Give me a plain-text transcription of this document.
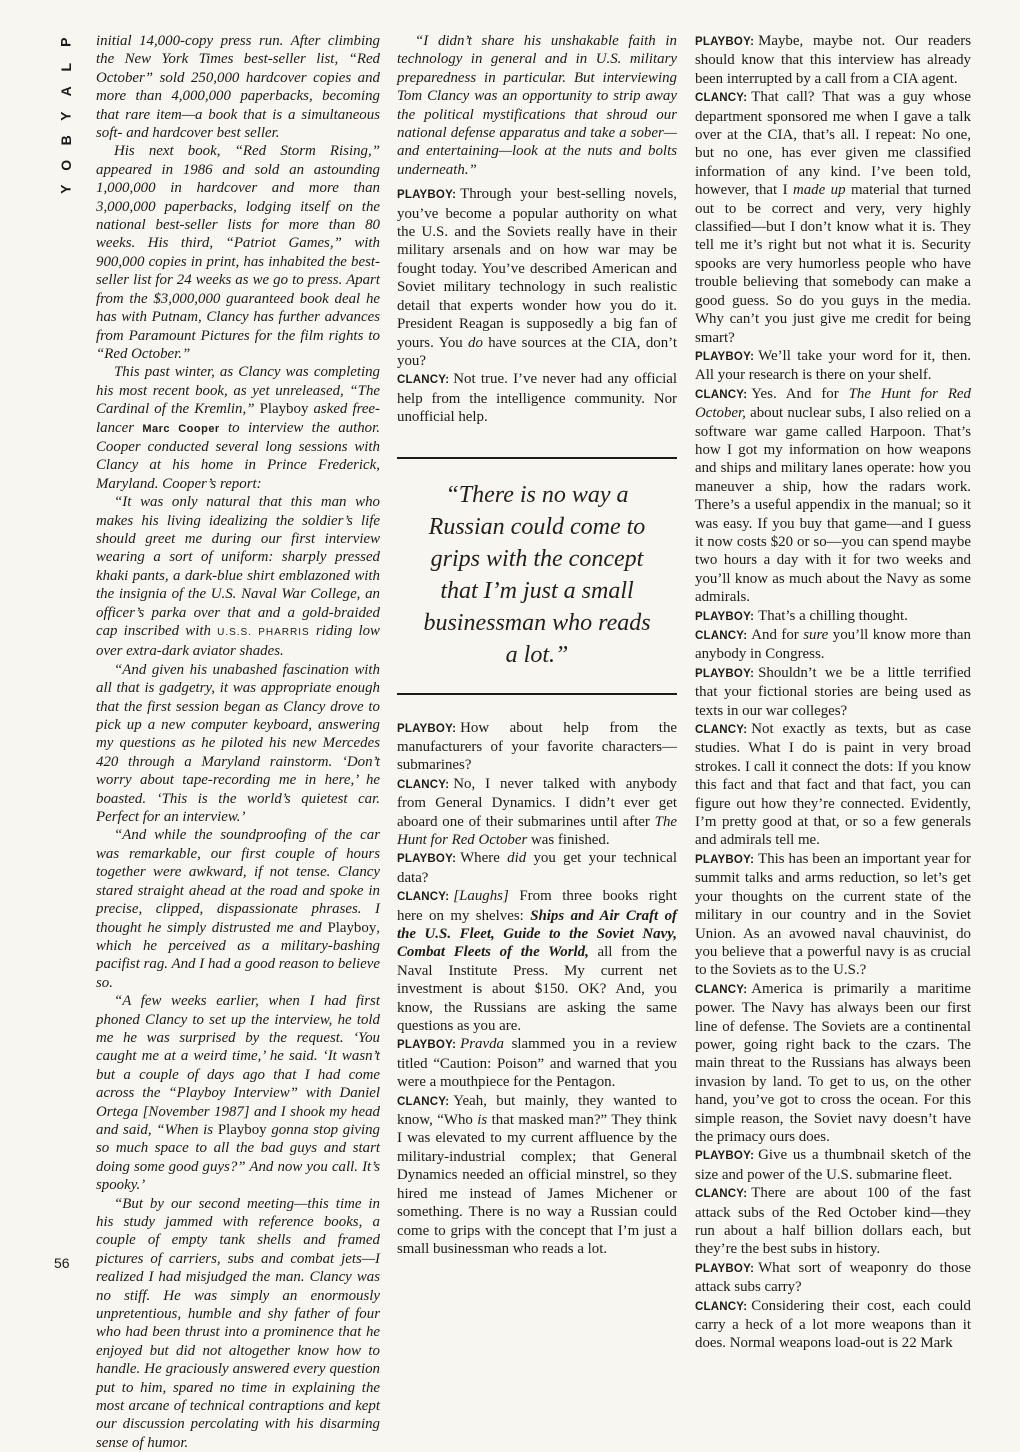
P
L
A
Y
B
O
Y
56

initial 14,000-copy press run. After climbing the New York Times best-seller list, “Red October” sold 250,000 hardcover copies and more than 4,000,000 paperbacks, becoming that rare item—a book that is a simultaneous soft- and hardcover best seller.

His next book, “Red Storm Rising,” appeared in 1986 and sold an astounding 1,000,000 in hardcover and more than 3,000,000 paperbacks, lodging itself on the national best-seller lists for more than 80 weeks. His third, “Patriot Games,” with 900,000 copies in print, has inhabited the best-seller list for 24 weeks as we go to press. Apart from the $3,000,000 guaranteed book deal he has with Putnam, Clancy has further advances from Paramount Pictures for the film rights to “Red October.”

This past winter, as Clancy was completing his most recent book, as yet unreleased, “The Cardinal of the Kremlin,” Playboy asked free-lancer Marc Cooper to interview the author. Cooper conducted several long sessions with Clancy at his home in Prince Frederick, Maryland. Cooper’s report:

“It was only natural that this man who makes his living idealizing the soldier’s life should greet me during our first interview wearing a sort of uniform: sharply pressed khaki pants, a dark-blue shirt emblazoned with the insignia of the U.S. Naval War College, an officer’s parka over that and a gold-braided cap inscribed with U.S.S. PHARRIS riding low over extra-dark aviator shades.

“And given his unabashed fascination with all that is gadgetry, it was appropriate enough that the first session began as Clancy drove to pick up a new computer keyboard, answering my questions as he piloted his new Mercedes 420 through a Maryland rainstorm. ‘Don’t worry about tape-recording me in here,’ he boasted. ‘This is the world’s quietest car. Perfect for an interview.’

“And while the soundproofing of the car was remarkable, our first couple of hours together were awkward, if not tense. Clancy stared straight ahead at the road and spoke in precise, clipped, dispassionate phrases. I thought he simply distrusted me and Playboy, which he perceived as a military-bashing pacifist rag. And I had a good reason to believe so.

“A few weeks earlier, when I had first phoned Clancy to set up the interview, he told me he was surprised by the request. ‘You caught me at a weird time,’ he said. ‘It wasn’t but a couple of days ago that I had come across the “Playboy Interview” with Daniel Ortega [November 1987] and I shook my head and said, “When is Playboy gonna stop giving so much space to all the bad guys and start doing some good guys?” And now you call. It’s spooky.’

“But by our second meeting—this time in his study jammed with reference books, a couple of empty tank shells and framed pictures of carriers, subs and combat jets—I realized I had misjudged the man. Clancy was no stiff. He was simply an enormously unpretentious, humble and shy father of four who had been thrust into a prominence that he enjoyed but did not altogether know how to handle. He graciously answered every question put to him, spared no time in explaining the most arcane of technical contraptions and kept our discussion percolating with his disarming sense of humor.

“I didn’t share his unshakable faith in technology in general and in U.S. military preparedness in particular. But interviewing Tom Clancy was an opportunity to strip away the political mystifications that shroud our national defense apparatus and take a sober—and entertaining—look at the nuts and bolts underneath.”

PLAYBOY: Through your best-selling novels, you’ve become a popular authority on what the U.S. and the Soviets really have in their military arsenals and on how war may be fought today. You’ve described American and Soviet military technology in such realistic detail that experts wonder how you do it. President Reagan is supposedly a big fan of yours. You do have sources at the CIA, don’t you?

CLANCY: Not true. I’ve never had any official help from the intelligence community. Nor unofficial help.

“There is no way a Russian could come to grips with the concept that I’m just a small businessman who reads a lot.”

PLAYBOY: How about help from the manufacturers of your favorite characters—submarines?

CLANCY: No, I never talked with anybody from General Dynamics. I didn’t ever get aboard one of their submarines until after The Hunt for Red October was finished.

PLAYBOY: Where did you get your technical data?

CLANCY: [Laughs] From three books right here on my shelves: Ships and Air Craft of the U.S. Fleet, Guide to the Soviet Navy, Combat Fleets of the World, all from the Naval Institute Press. My current net investment is about $150. OK? And, you know, the Russians are asking the same questions as you are.

PLAYBOY: Pravda slammed you in a review titled “Caution: Poison” and warned that you were a mouthpiece for the Pentagon.

CLANCY: Yeah, but mainly, they wanted to know, “Who is that masked man?” They think I was elevated to my current affluence by the military-industrial complex; that General Dynamics needed an official minstrel, so they hired me instead of James Michener or something. There is no way a Russian could come to grips with the concept that I’m just a small businessman who reads a lot.

PLAYBOY: Maybe, maybe not. Our readers should know that this interview has already been interrupted by a call from a CIA agent.

CLANCY: That call? That was a guy whose department sponsored me when I gave a talk over at the CIA, that’s all. I repeat: No one, but no one, has ever given me classified information of any kind. I’ve been told, however, that I made up material that turned out to be correct and very, very highly classified—but I don’t know what it is. They tell me it’s right but not what it is. Security spooks are very humorless people who have trouble believing that somebody can make a good guess. So do you guys in the media. Why can’t you just give me credit for being smart?

PLAYBOY: We’ll take your word for it, then. All your research is there on your shelf.

CLANCY: Yes. And for The Hunt for Red October, about nuclear subs, I also relied on a software war game called Harpoon. That’s how I got my information on how weapons and ships and military lanes operate: how you maneuver a ship, how the radars work. There’s a useful appendix in the manual; so it was easy. If you buy that game—and I guess it now costs $20 or so—you can spend maybe two hours a day with it for two weeks and you’ll know as much about the Navy as some admirals.

PLAYBOY: That’s a chilling thought.

CLANCY: And for sure you’ll know more than anybody in Congress.

PLAYBOY: Shouldn’t we be a little terrified that your fictional stories are being used as texts in our war colleges?

CLANCY: Not exactly as texts, but as case studies. What I do is paint in very broad strokes. I call it connect the dots: If you know this fact and that fact and that fact, you can figure out how they’re connected. Evidently, I’m pretty good at that, or so a few generals and admirals tell me.

PLAYBOY: This has been an important year for summit talks and arms reduction, so let’s get your thoughts on the current state of the military in our country and in the Soviet Union. As an avowed naval chauvinist, do you believe that a powerful navy is as crucial to the Soviets as to the U.S.?

CLANCY: America is primarily a maritime power. The Navy has always been our first line of defense. The Soviets are a continental power, going right back to the czars. The main threat to the Russians has always been invasion by land. To get to us, on the other hand, you’ve got to cross the ocean. For this simple reason, the Soviet navy doesn’t have the primacy ours does.

PLAYBOY: Give us a thumbnail sketch of the size and power of the U.S. submarine fleet.

CLANCY: There are about 100 of the fast attack subs of the Red October kind—they run about a half billion dollars each, but they’re the best subs in history.

PLAYBOY: What sort of weaponry do those attack subs carry?

CLANCY: Considering their cost, each could carry a heck of a lot more weapons than it does. Normal weapons load-out is 22 Mark
